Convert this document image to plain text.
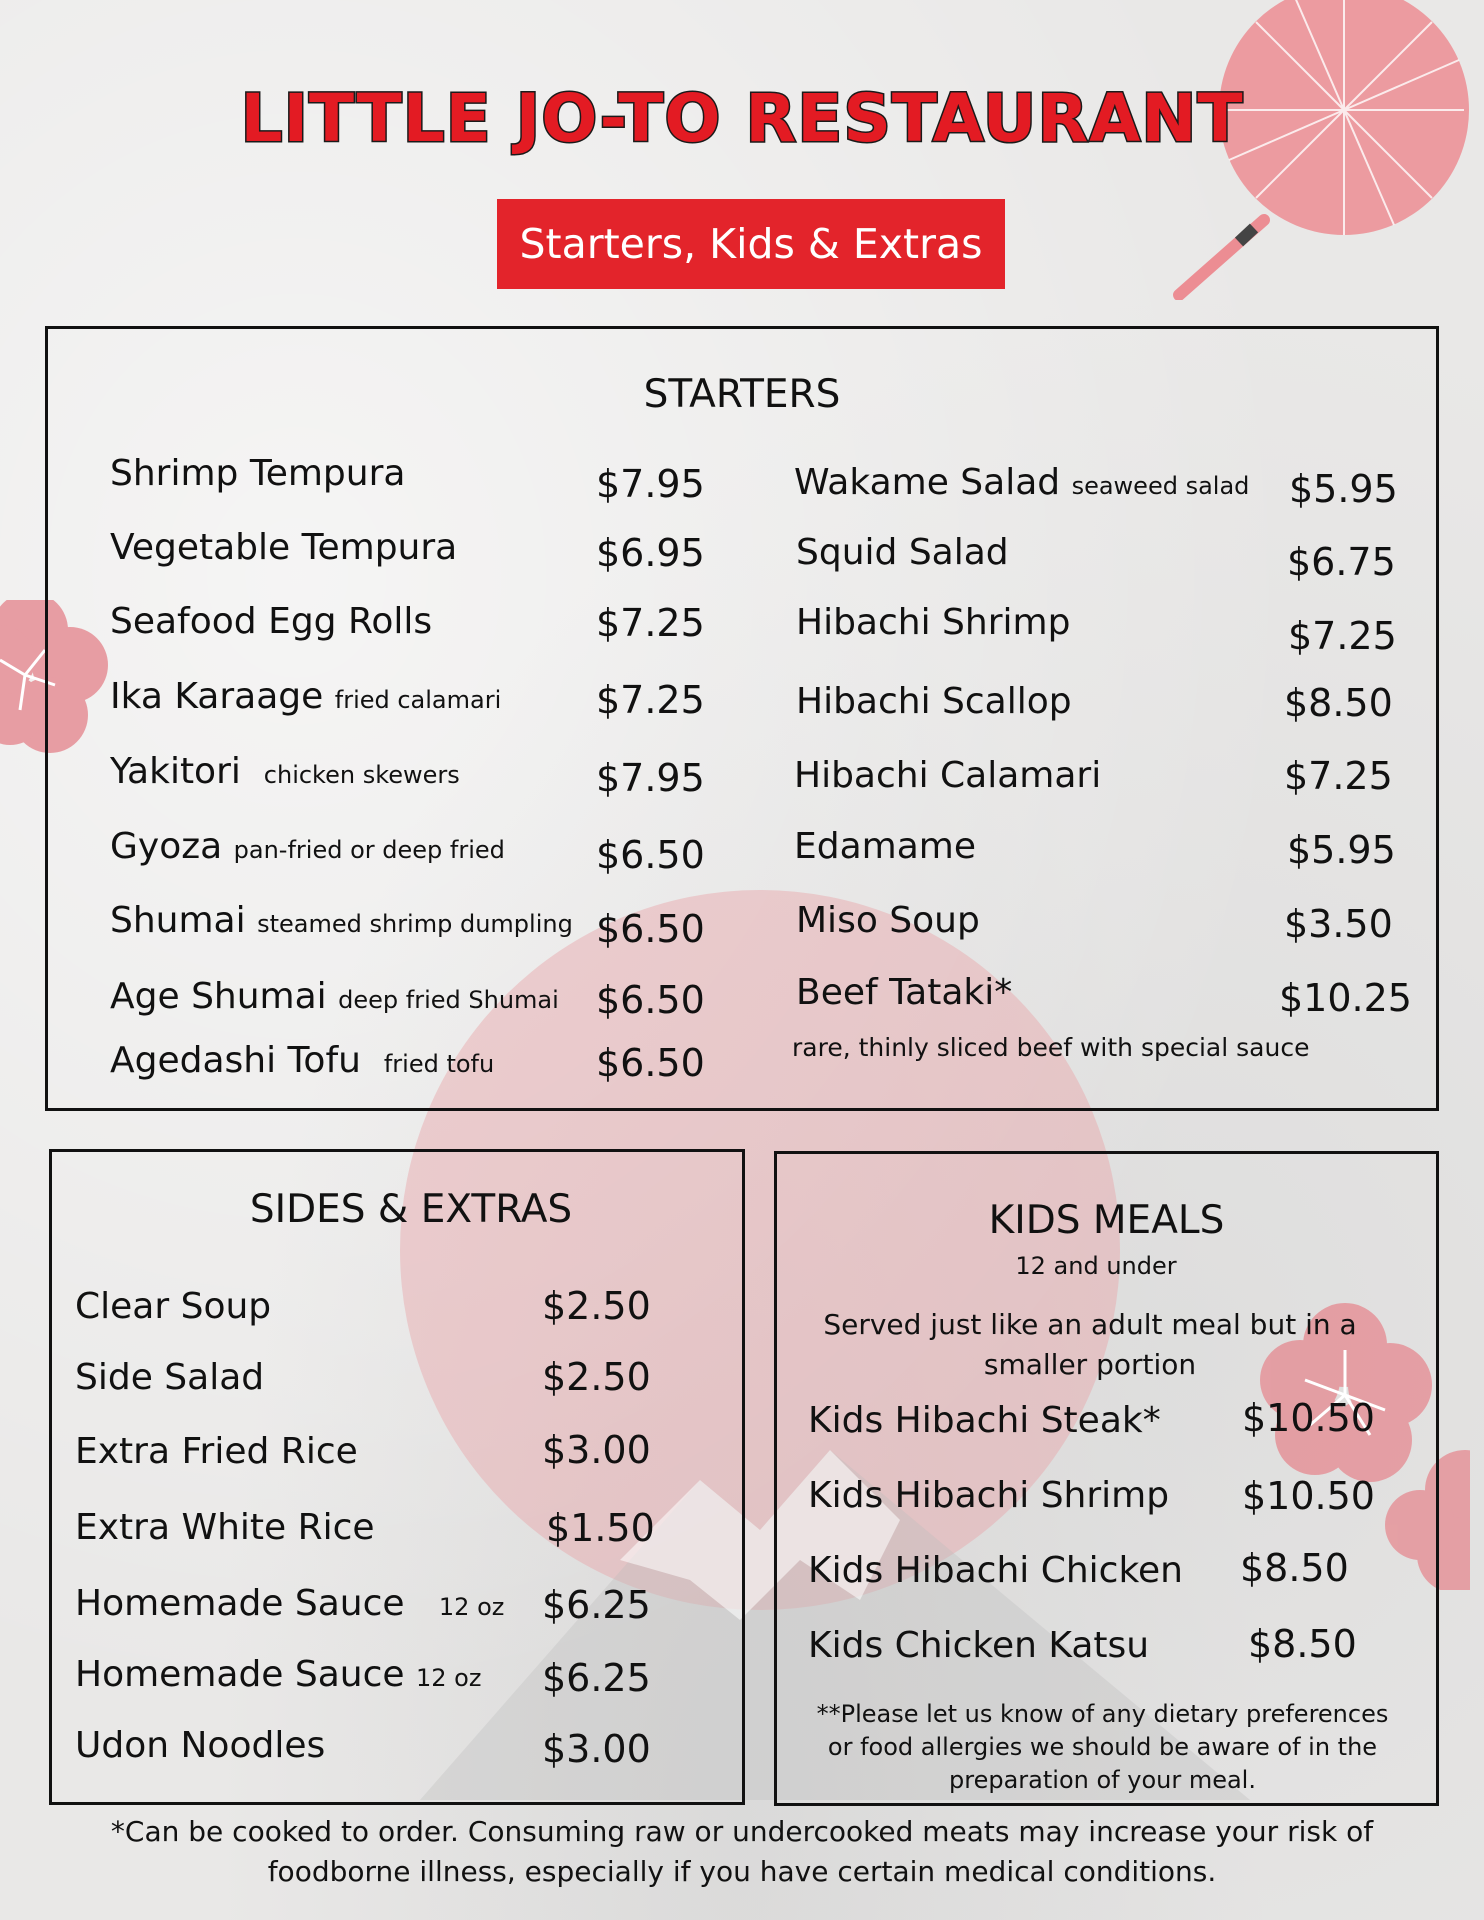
LITTLE JO-TO RESTAURANT
Starters, Kids & Extras
STARTERS
Shrimp Tempura	$7.95
Vegetable Tempura	$6.95
Seafood Egg Rolls	$7.25
Ika Karaage fried calamari $7.25
Yakitori chicken skewers	$7.95
Gyoza pan-fried or deep fried $6.50
Shumai steamed shrimp dumpling $6.50
Age Shumai deep fried Shumai $6.50
Agedashi Tofu fried tofu	$6.50
Wakame Salad seaweed salad $5.95
Squid Salad	$6.75
Hibachi Shrimp	$7.25
Hibachi Scallop	$8.50
Hibachi Calamari	$7.25
Edamame	$5.95
Miso Soup	$3.50
Beef Tataki*	$10.25
rare, thinly sliced beef with special sauce
SIDES & EXTRAS
Clear Soup	$2.50
Side Salad	$2.50
Extra Fried Rice	$3.00
Extra White Rice	$1.50
Homemade Sauce 12 oz $6.25
Homemade Sauce 12 oz $6.25
Udon Noodles	$3.00
KIDS MEALS
12 and under
Served just like an adult meal but in a smaller portion
Kids Hibachi Steak* $10.50
Kids Hibachi Shrimp $10.50
Kids Hibachi Chicken $8.50
Kids Chicken Katsu	$8.50
**Please let us know of any dietary preferences or food allergies we should be aware of in the preparation of your meal.
*Can be cooked to order. Consuming raw or undercooked meats may increase your risk of foodborne illness, especially if you have certain medical conditions.
